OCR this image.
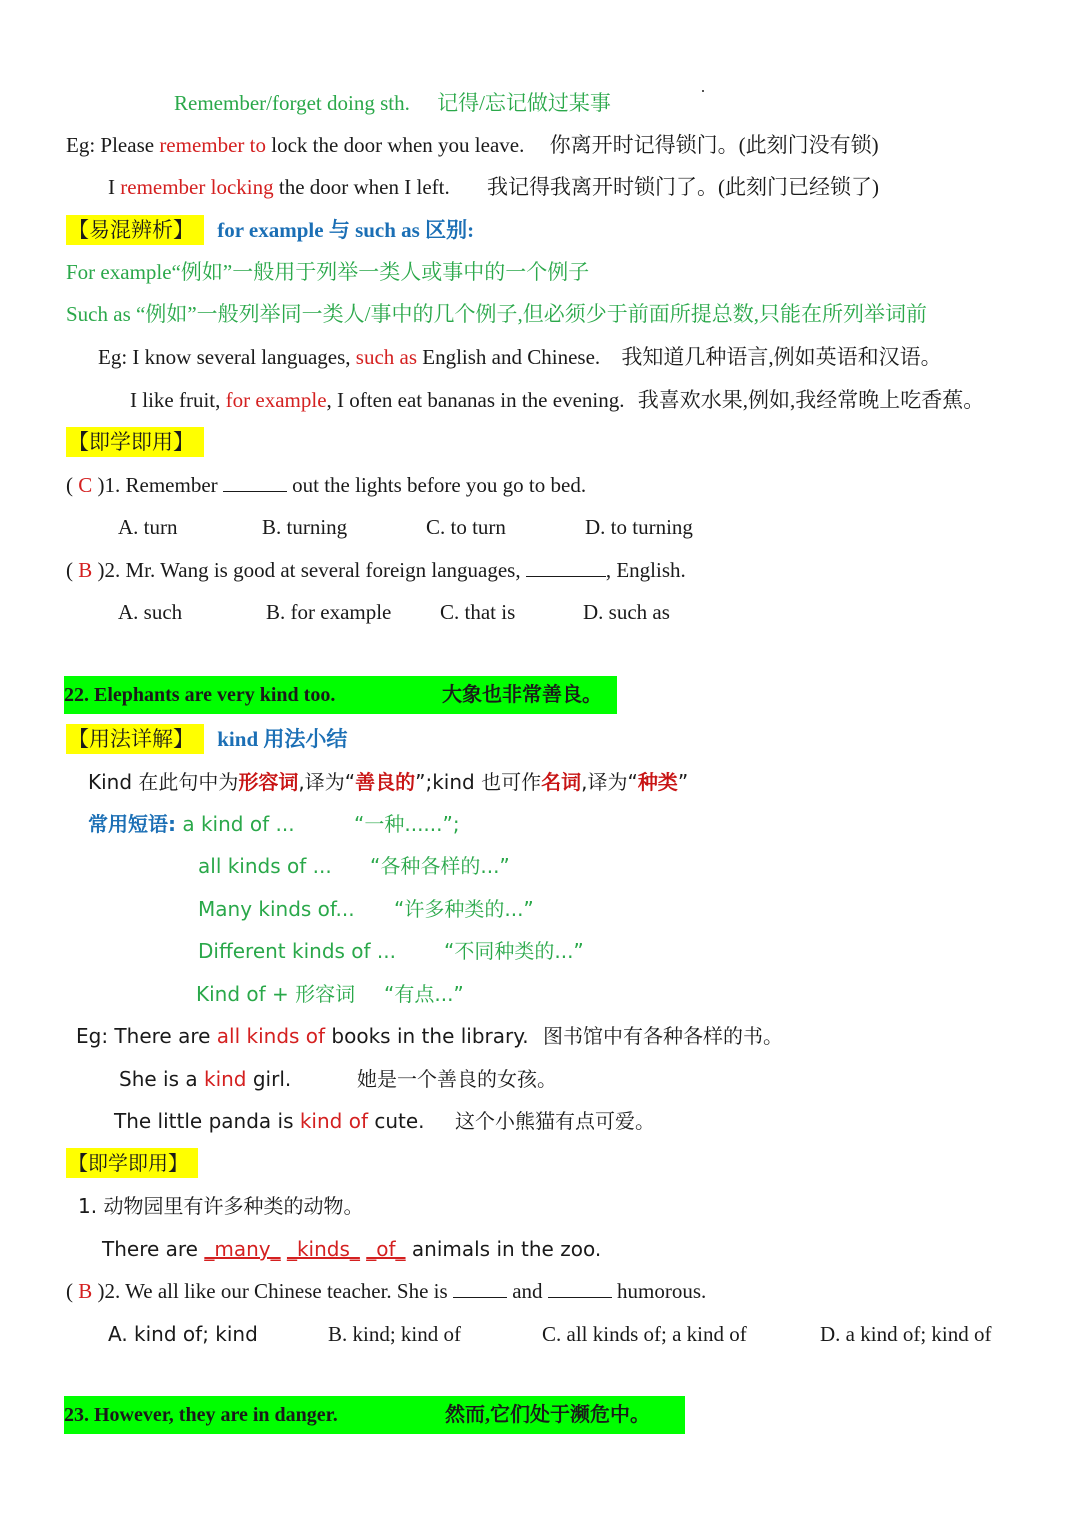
Remember/forget doing sth. 记得/忘记做过某事
Eg: Please remember to lock the door when you leave. 你离开时记得锁门。(此刻门没有锁)
I remember locking the door when I left. 我记得我离开时锁门了。(此刻门已经锁了)
【易混辨析】 for example 与 such as 区别:
For example“例如”一般用于列举一类人或事中的一个例子
Such as “例如”一般列举同一类人/事中的几个例子,但必须少于前面所提总数,只能在所列举词前
Eg: I know several languages, such as English and Chinese. 我知道几种语言,例如英语和汉语。
I like fruit, for example, I often eat bananas in the evening. 我喜欢水果,例如,我经常晚上吃香蕉。
【即学即用】
( C )1. Remember	out the lights before you go to bed.
A. turn	B. turning	C. to turn	D. to turning
( B )2. Mr. Wang is good at several foreign languages,	, English.
A. such	B. for example C. that is	D. such as
22. Elephants are very kind too.	大象也非常善良。
【用法详解】 kind 用法小结
Kind 在此句中为形容词,译为“善良的”;kind 也可作名词,译为“种类”
常用短语: a kind of ...	“一种......”;
all kinds of ... “各种各样的...”
Many kinds of... “许多种类的...”
Different kinds of ... “不同种类的...”
Kind of + 形容词 “有点...”
Eg: There are all kinds of books in the library. 图书馆中有各种各样的书。
She is a kind girl.	她是一个善良的女孩。
The little panda is kind of cute. 这个小熊猫有点可爱。
【即学即用】
1. 动物园里有许多种类的动物。
There are _many_ _kinds_ _of_ animals in the zoo.
( B )2. We all like our Chinese teacher. She is	and	humorous.
A. kind of; kind	B. kind; kind of	C. all kinds of; a kind of	D. a kind of; kind of
23. However, they are in danger.	然而,它们处于濒危中。
